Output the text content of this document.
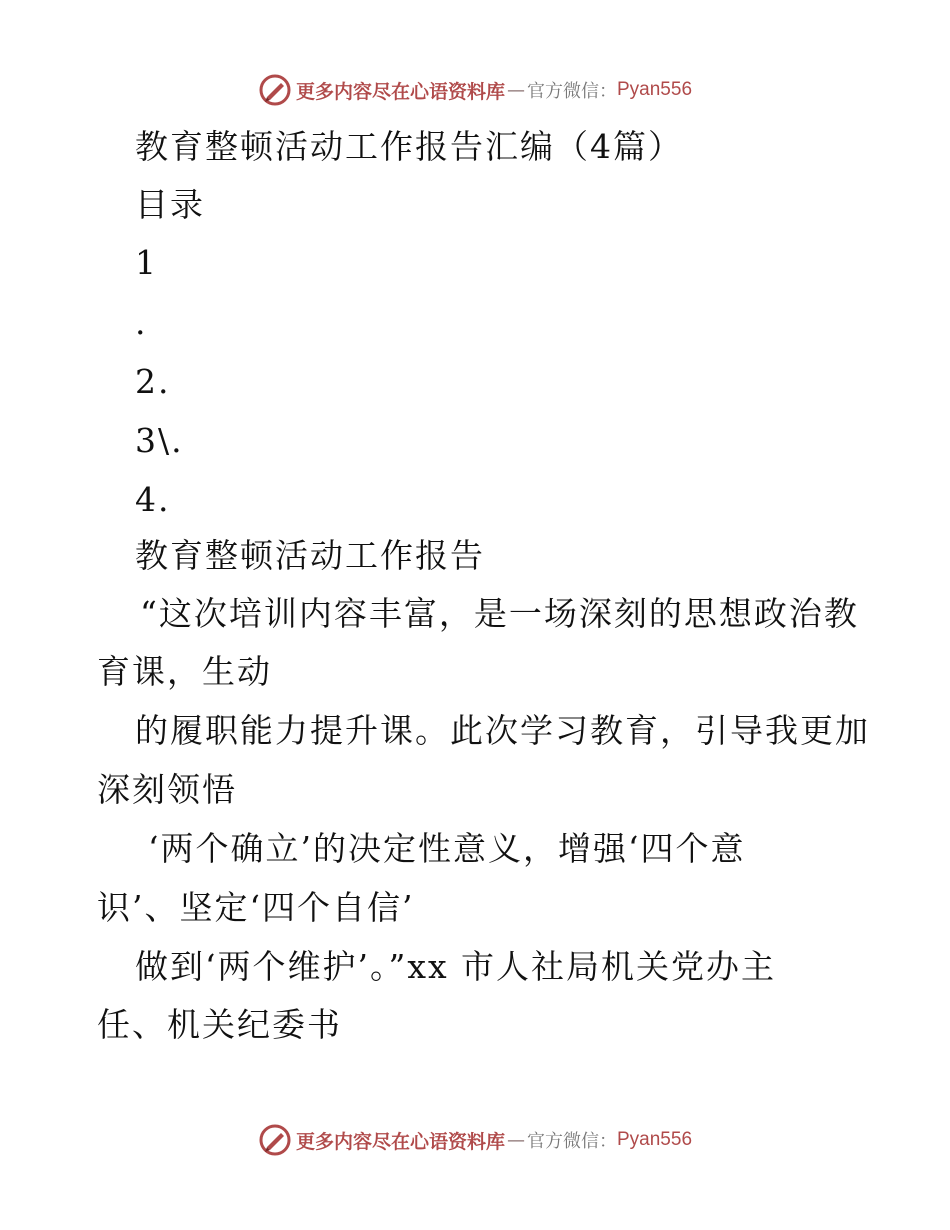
更多内容尽在心语资料库 — 官方微信： Pyan556
教育整顿活动工作报告汇编（4篇）
目录
1
.
2.
3\.
4.
教育整顿活动工作报告
“这次培训内容丰富，是一场深刻的思想政治教
育课，生动
的履职能力提升课。此次学习教育，引导我更加
深刻领悟
‘两个确立’的决定性意义，增强‘四个意
识’、坚定‘四个自信’
做到‘两个维护’。”xx 市人社局机关党办主
任、机关纪委书
更多内容尽在心语资料库 — 官方微信： Pyan556
